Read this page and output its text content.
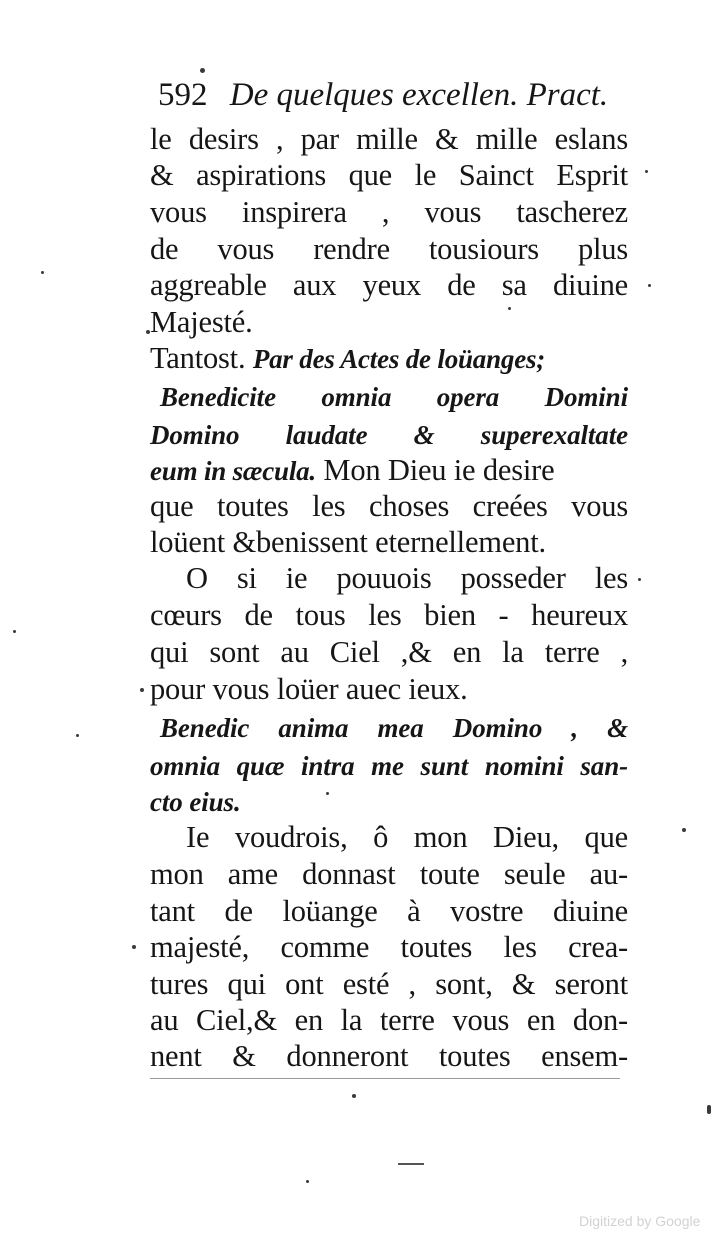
592 De quelques excellen. Pract.
le desirs , par mille & mille eslans
& aspirations que le Sainct Esprit
vous inspirera , vous tascherez
de vous rendre tousiours plus
aggreable aux yeux de sa diuine
Majesté.
Tantost. Par des Actes de loüanges;
Benedicite omnia opera Domini
Domino laudate & superexaltate
eum in sæcula. Mon Dieu ie desire
que toutes les choses creées vous
loüent &benissent eternellement.
O si ie pouuois posseder les
cœurs de tous les bien - heureux
qui sont au Ciel ,& en la terre ,
pour vous loüer auec ieux.
Benedic anima mea Domino , &
omnia quæ intra me sunt nomini san-
cto eius.
Ie voudrois, ô mon Dieu, que
mon ame donnast toute seule au-
tant de loüange à vostre diuine
majesté, comme toutes les crea-
tures qui ont esté , sont, & seront
au Ciel,& en la terre vous en don-
nent & donneront toutes ensem-
Digitized by Google
